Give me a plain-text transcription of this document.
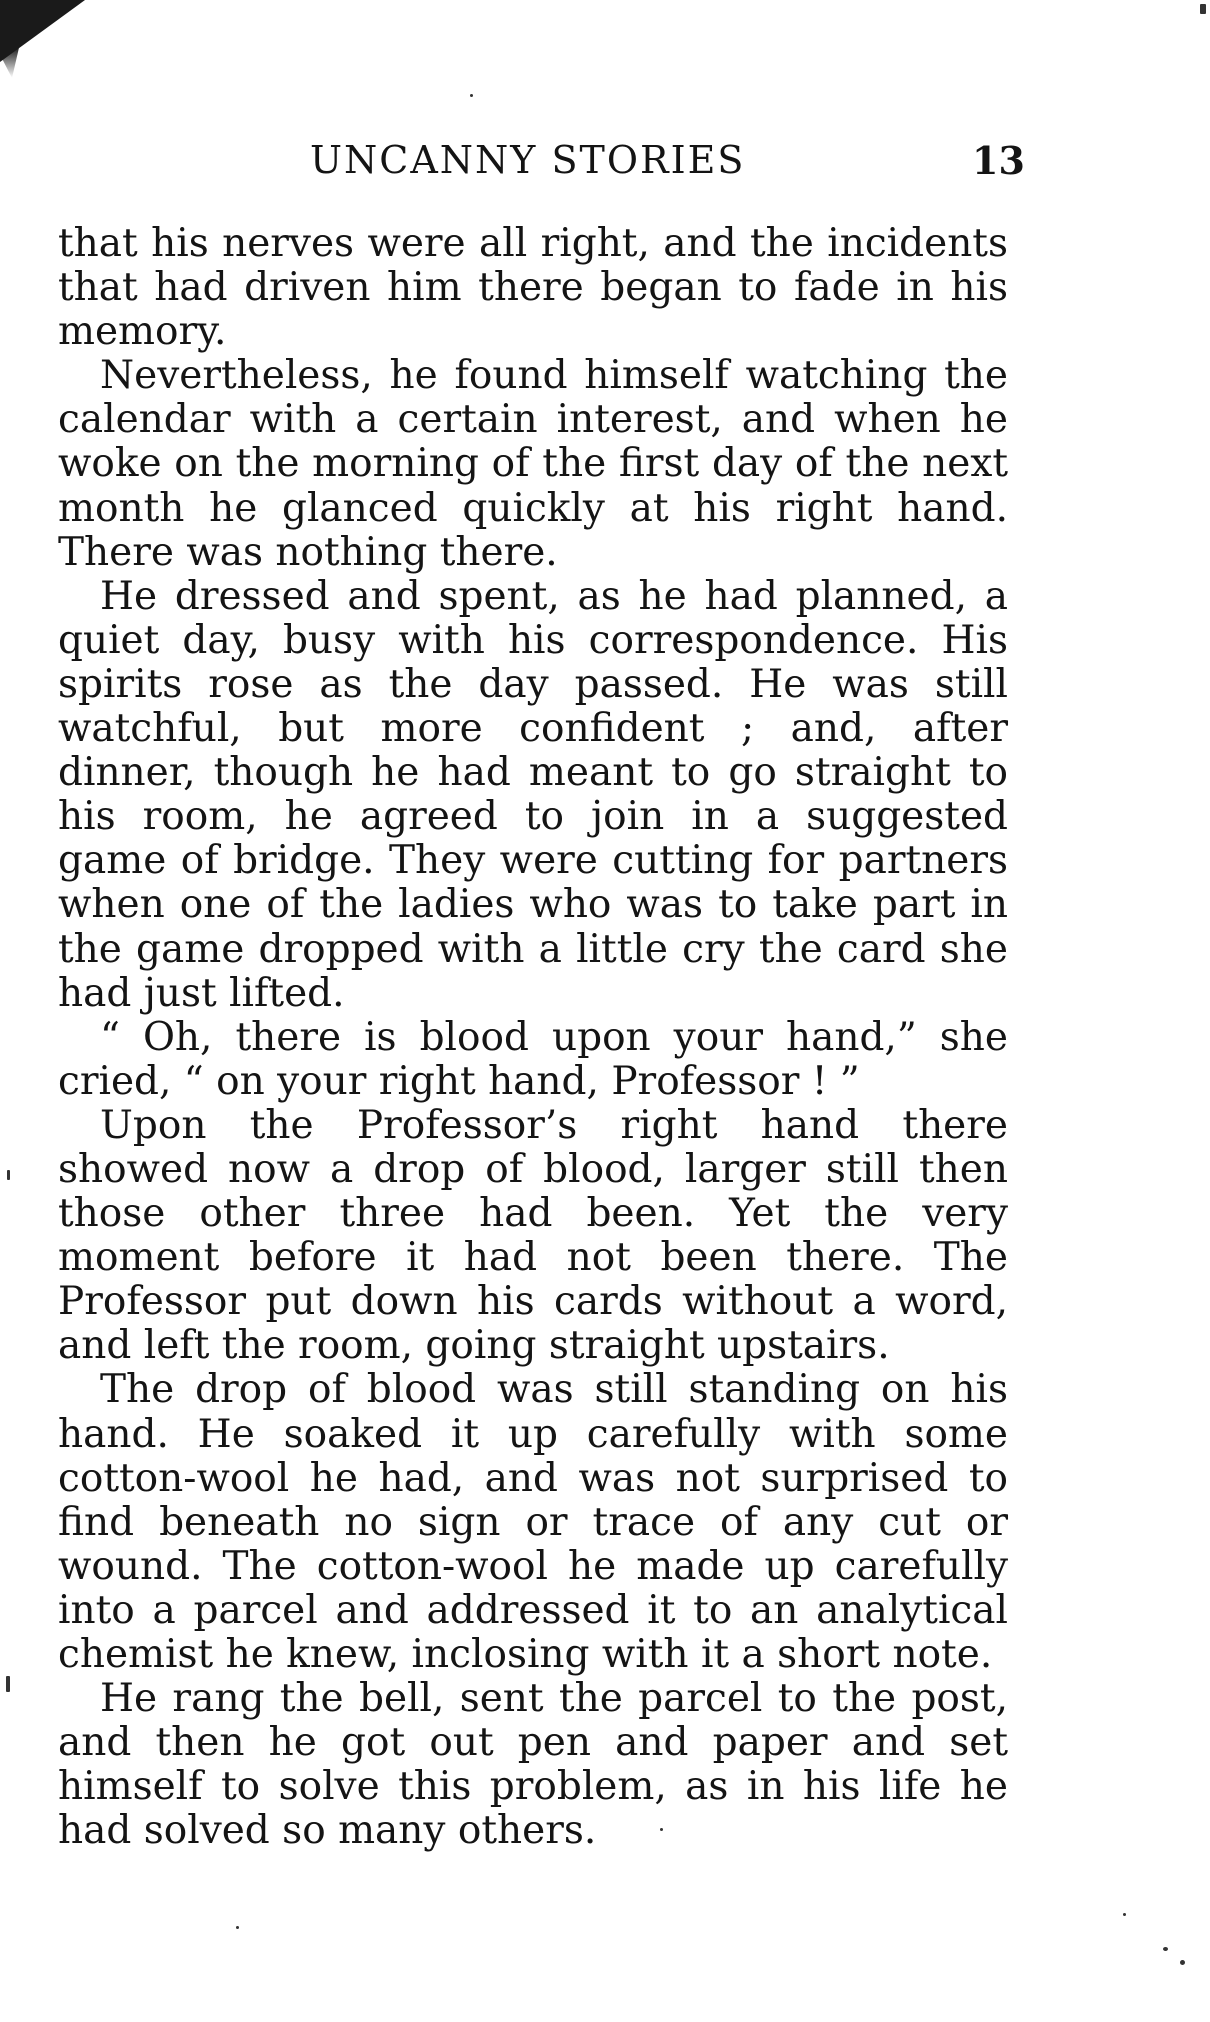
UNCANNY STORIES	13

that his nerves were all right, and the incidents that had driven him there began to fade in his memory.

Nevertheless, he found himself watching the calendar with a certain interest, and when he woke on the morning of the first day of the next month he glanced quickly at his right hand. There was nothing there.

He dressed and spent, as he had planned, a quiet day, busy with his correspondence. His spirits rose as the day passed. He was still watchful, but more confident ; and, after dinner, though he had meant to go straight to his room, he agreed to join in a suggested game of bridge. They were cutting for partners when one of the ladies who was to take part in the game dropped with a little cry the card she had just lifted.

“ Oh, there is blood upon your hand,” she cried, “ on your right hand, Professor ! ”

Upon the Professor’s right hand there showed now a drop of blood, larger still then those other three had been. Yet the very moment before it had not been there. The Professor put down his cards without a word, and left the room, going straight upstairs.

The drop of blood was still standing on his hand. He soaked it up carefully with some cotton-wool he had, and was not surprised to find beneath no sign or trace of any cut or wound. The cotton-wool he made up carefully into a parcel and addressed it to an analytical chemist he knew, inclosing with it a short note.

He rang the bell, sent the parcel to the post, and then he got out pen and paper and set himself to solve this problem, as in his life he had solved so many others.
